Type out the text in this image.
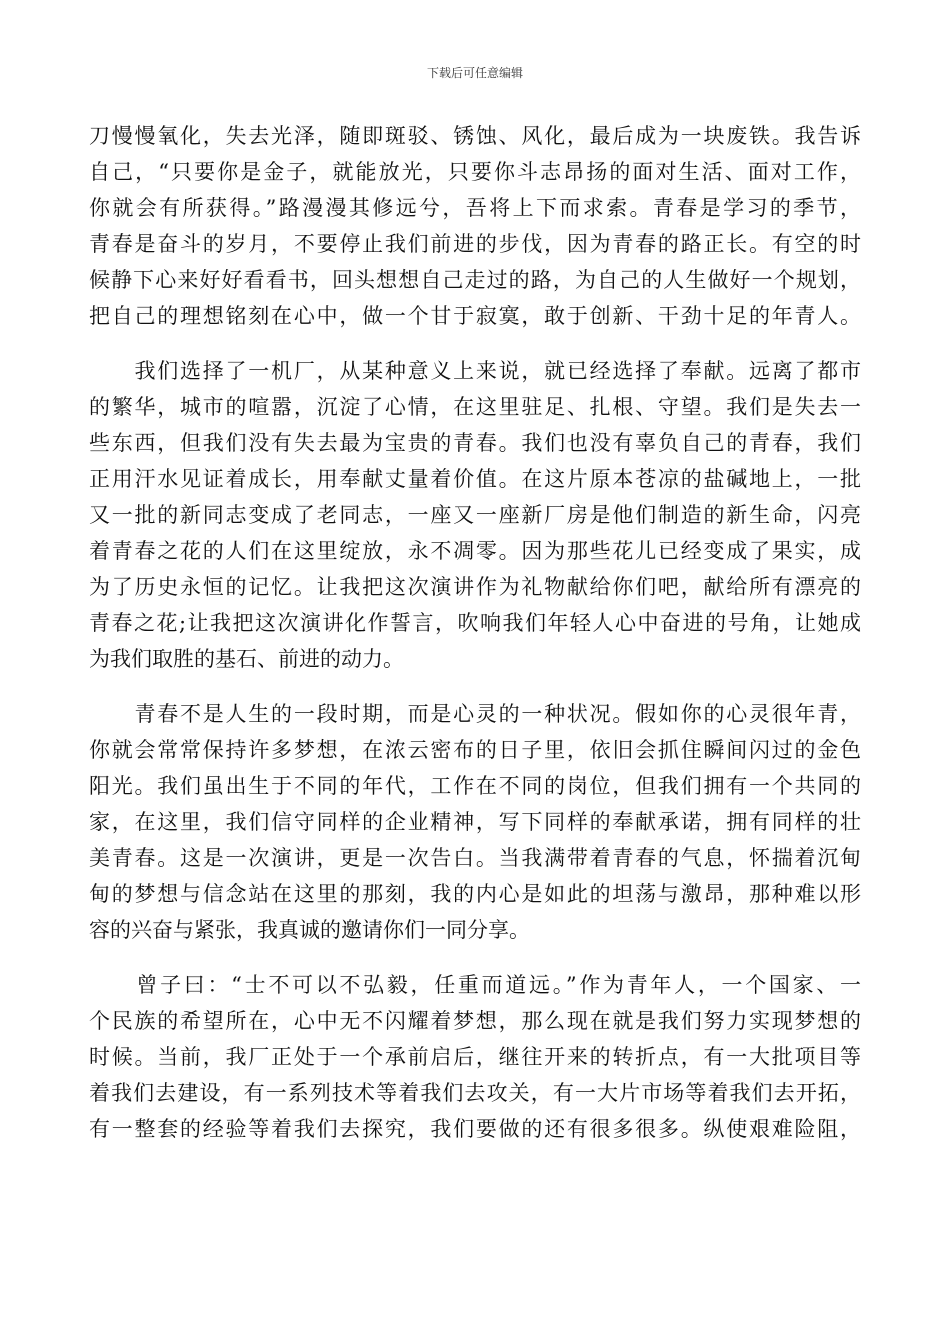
下载后可任意编辑
刀慢慢氧化，失去光泽，随即斑驳、锈蚀、风化，最后成为一块废铁。我告诉
自己，“只要你是金子，就能放光，只要你斗志昂扬的面对生活、面对工作，
你就会有所获得。”路漫漫其修远兮，吾将上下而求索。青春是学习的季节，
青春是奋斗的岁月，不要停止我们前进的步伐，因为青春的路正长。有空的时
候静下心来好好看看书，回头想想自己走过的路，为自己的人生做好一个规划，
把自己的理想铭刻在心中，做一个甘于寂寞，敢于创新、干劲十足的年青人。
　　我们选择了一机厂，从某种意义上来说，就已经选择了奉献。远离了都市
的繁华，城市的喧嚣，沉淀了心情，在这里驻足、扎根、守望。我们是失去一
些东西，但我们没有失去最为宝贵的青春。我们也没有辜负自己的青春，我们
正用汗水见证着成长，用奉献丈量着价值。在这片原本苍凉的盐碱地上，一批
又一批的新同志变成了老同志，一座又一座新厂房是他们制造的新生命，闪亮
着青春之花的人们在这里绽放，永不凋零。因为那些花儿已经变成了果实，成
为了历史永恒的记忆。让我把这次演讲作为礼物献给你们吧，献给所有漂亮的
青春之花;让我把这次演讲化作誓言，吹响我们年轻人心中奋进的号角，让她成
为我们取胜的基石、前进的动力。
　　青春不是人生的一段时期，而是心灵的一种状况。假如你的心灵很年青，
你就会常常保持许多梦想，在浓云密布的日子里，依旧会抓住瞬间闪过的金色
阳光。我们虽出生于不同的年代，工作在不同的岗位，但我们拥有一个共同的
家，在这里，我们信守同样的企业精神，写下同样的奉献承诺，拥有同样的壮
美青春。这是一次演讲，更是一次告白。当我满带着青春的气息，怀揣着沉甸
甸的梦想与信念站在这里的那刻，我的内心是如此的坦荡与激昂，那种难以形
容的兴奋与紧张，我真诚的邀请你们一同分享。
　　曾子曰：“士不可以不弘毅，任重而道远。”作为青年人，一个国家、一
个民族的希望所在，心中无不闪耀着梦想，那么现在就是我们努力实现梦想的
时候。当前，我厂正处于一个承前启后，继往开来的转折点，有一大批项目等
着我们去建设，有一系列技术等着我们去攻关，有一大片市场等着我们去开拓，
有一整套的经验等着我们去探究，我们要做的还有很多很多。纵使艰难险阻，
